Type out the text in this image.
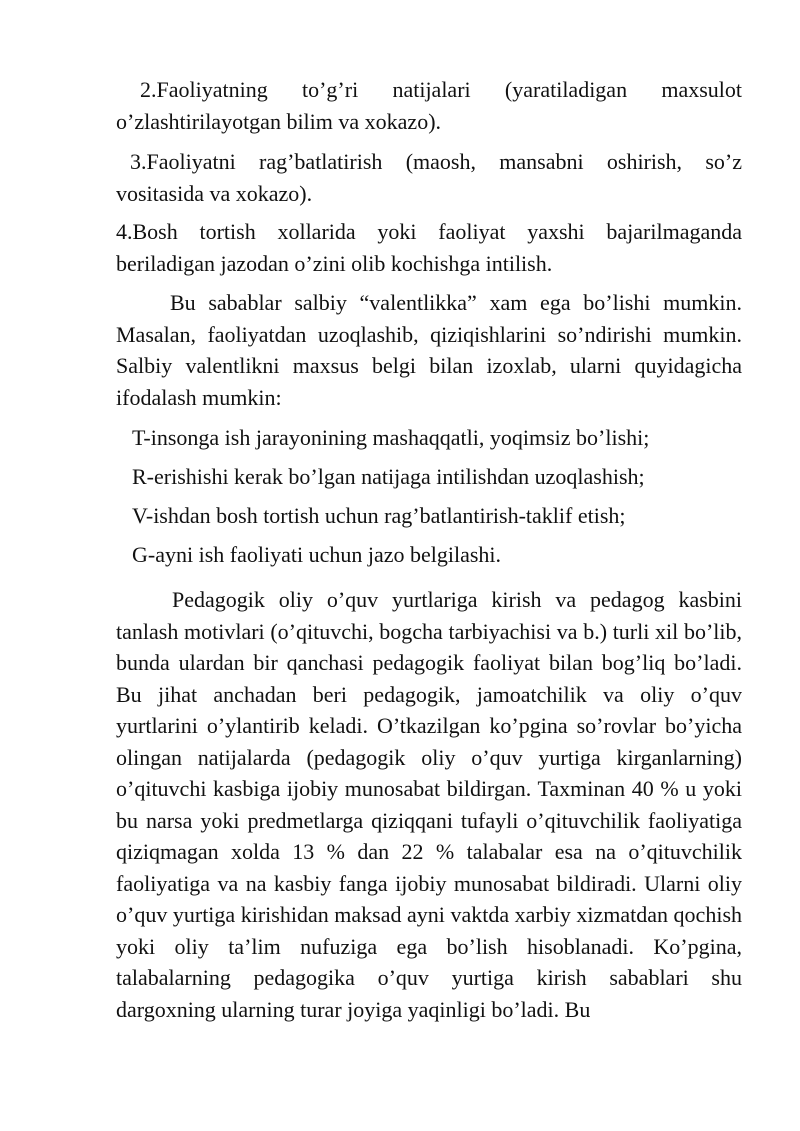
2.Faoliyatning to’g’ri natijalari (yaratiladigan maxsulot o’zlashtirilayotgan bilim va xokazo).

3.Faoliyatni rag’batlatirish (maosh, mansabni oshirish, so’z vositasida va xokazo).

4.Bosh tortish xollarida yoki faoliyat yaxshi bajarilmaganda beriladigan jazodan o’zini olib kochishga intilish.

Bu sabablar salbiy “valentlikka” xam ega bo’lishi mumkin. Masalan, faoliyatdan uzoqlashib, qiziqishlarini so’ndirishi mumkin. Salbiy valentlikni maxsus belgi bilan izoxlab, ularni quyidagicha ifodalash mumkin:

T-insonga ish jarayonining mashaqqatli, yoqimsiz bo’lishi;

R-erishishi kerak bo’lgan natijaga intilishdan uzoqlashish;

V-ishdan bosh tortish uchun rag’batlantirish-taklif etish;

G-ayni ish faoliyati uchun jazo belgilashi.

Pedagogik oliy o’quv yurtlariga kirish va pedagog kasbini tanlash motivlari (o’qituvchi, bogcha tarbiyachisi va b.) turli xil bo’lib, bunda ulardan bir qanchasi pedagogik faoliyat bilan bog’liq bo’ladi. Bu jihat anchadan beri pedagogik, jamoatchilik va oliy o’quv yurtlarini o’ylantirib keladi. O’tkazilgan ko’pgina so’rovlar bo’yicha olingan natijalarda (pedagogik oliy o’quv yurtiga kirganlarning) o’qituvchi kasbiga ijobiy munosabat bildirgan. Taxminan 40 % u yoki bu narsa yoki predmetlarga qiziqqani tufayli o’qituvchilik faoliyatiga qiziqmagan xolda 13 % dan 22 % talabalar esa na o’qituvchilik faoliyatiga va na kasbiy fanga ijobiy munosabat bildiradi. Ularni oliy o’quv yurtiga kirishidan maksad ayni vaktda xarbiy xizmatdan qochish yoki oliy ta’lim nufuziga ega bo’lish hisoblanadi. Ko’pgina, talabalarning pedagogika o’quv yurtiga kirish sabablari shu dargoxning ularning turar joyiga yaqinligi bo’ladi. Bu
